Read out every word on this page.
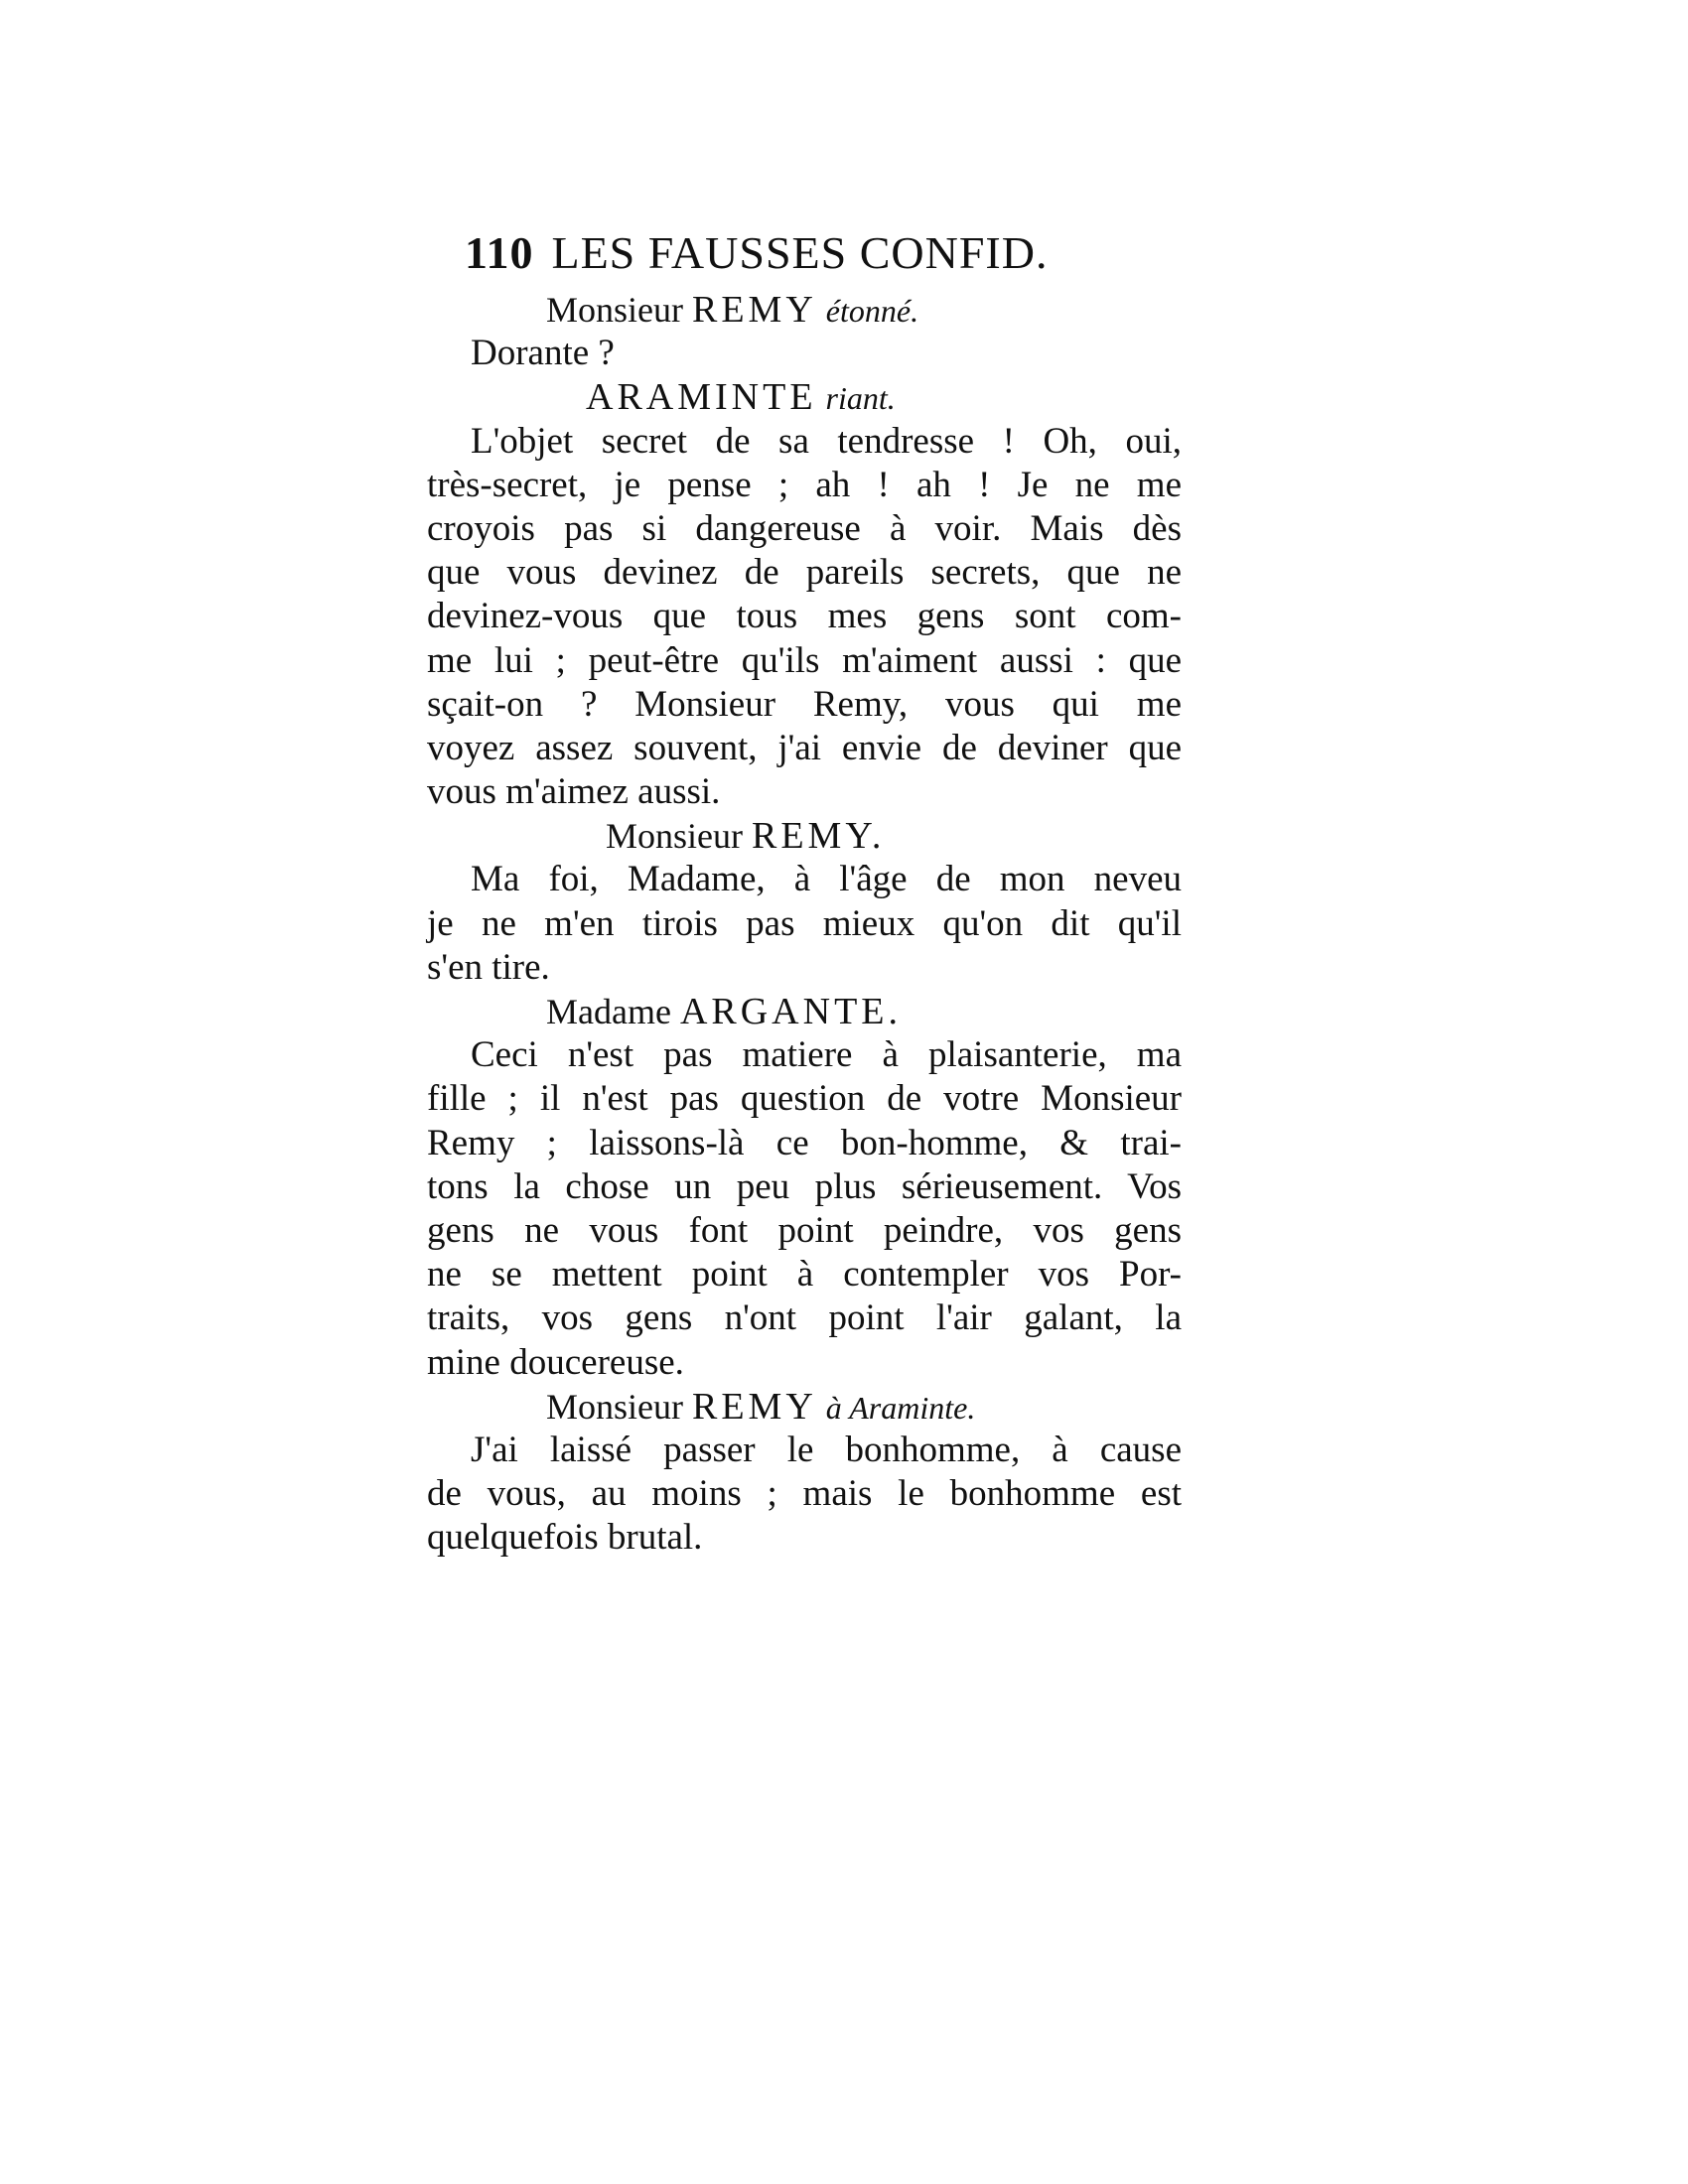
110 LES FAUSSES CONFID.
Monsieur REMY étonné.
Dorante ?
ARAMINTE riant.
L'objet secret de sa tendresse ! Oh, oui,
très-secret, je pense ; ah ! ah ! Je ne me
croyois pas si dangereuse à voir. Mais dès
que vous devinez de pareils secrets, que ne
devinez-vous que tous mes gens sont com-
me lui ; peut-être qu'ils m'aiment aussi : que
sçait-on ? Monsieur Remy, vous qui me
voyez assez souvent, j'ai envie de deviner que
vous m'aimez aussi.
Monsieur REMY.
Ma foi, Madame, à l'âge de mon neveu
je ne m'en tirois pas mieux qu'on dit qu'il
s'en tire.
Madame ARGANTE.
Ceci n'est pas matiere à plaisanterie, ma
fille ; il n'est pas question de votre Monsieur
Remy ; laissons-là ce bon-homme, & trai-
tons la chose un peu plus sérieusement. Vos
gens ne vous font point peindre, vos gens
ne se mettent point à contempler vos Por-
traits, vos gens n'ont point l'air galant, la
mine doucereuse.
Monsieur REMY à Araminte.
J'ai laissé passer le bonhomme, à cause
de vous, au moins ; mais le bonhomme est
quelquefois brutal.
